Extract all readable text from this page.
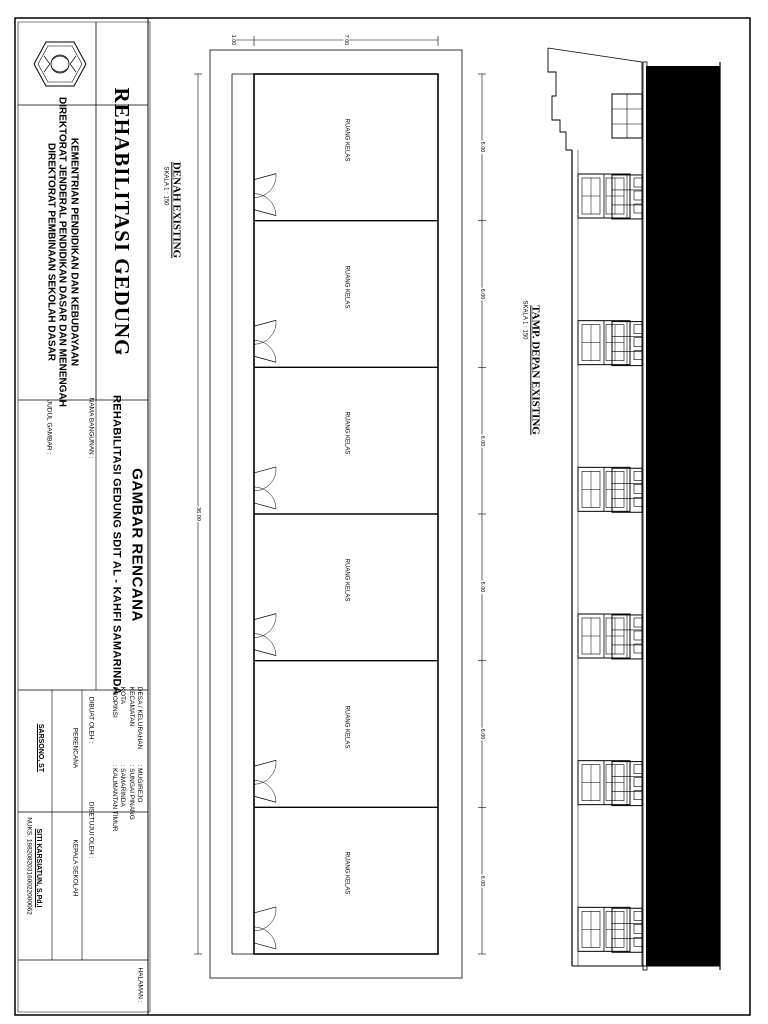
REHABILITASI GEDUNG
KEMENTRIAN PENDIDIKAN DAN KEBUDAYAAN
DIREKTORAT JENDERAL PENDIDIKAN DASAR DAN MENENGAH
DIREKTORAT PEMBINAAN SEKOLAH DASAR
GAMBAR RENCANA
REHABILITASI GEDUNG SDIT AL - KAHFI SAMARINDA
NAMA BANGUNAN :
JUDUL GAMBAR :
DESA / KELURAHAN
KECAMATAN
KOTA
PROPINSI
: MUGIREJO
: SUNGAI PINANG
: SAMARINDA
: KALIMANTAN TIMUR
DIBUAT OLEH :
PERENCANA
SARSONO, ST
DISETUJUI OLEH :
KEPALA SEKOLAH
SITI KARSIATUN, S.Pd.I
NUKS. 198208203160022000062
HALAMAN :
DENAH EXISTING
SKALA 1 : 150
RUANG KELAS
RUANG KELAS
RUANG KELAS
RUANG KELAS
RUANG KELAS
RUANG KELAS
6.00
6.00
6.00
6.00
6.00
6.00
36.00
1.00	7.00
TAMP. DEPAN EXISTING
SKALA 1 : 150
